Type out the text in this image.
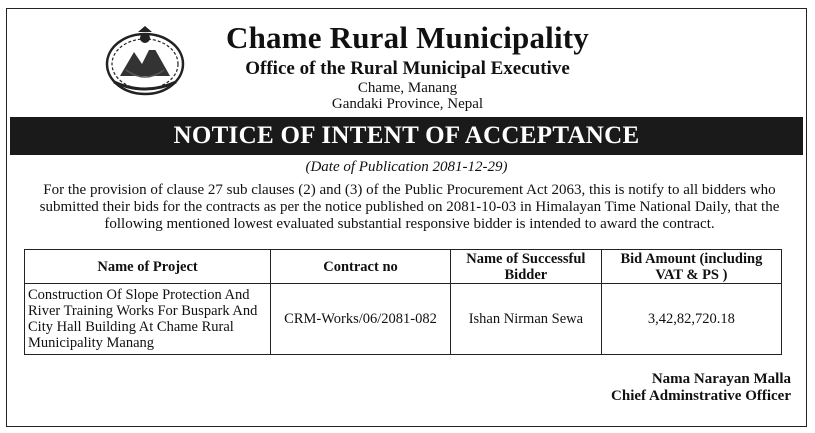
Chame Rural Municipality
Office of the Rural Municipal Executive
Chame, Manang
Gandaki Province, Nepal
NOTICE OF INTENT OF ACCEPTANCE
(Date of Publication 2081-12-29)
For the provision of clause 27 sub clauses (2) and (3) of the Public Procurement Act 2063, this is notify to all bidders who submitted their bids for the contracts as per the notice published on 2081-10-03 in Himalayan Time National Daily, that the following mentioned lowest evaluated substantial responsive bidder is intended to award the contract.
Name of Project	Contract no	Name of Successful Bidder	Bid Amount (including VAT & PS )
Construction Of Slope Protection And River Training Works For Buspark And City Hall Building At Chame Rural Municipality Manang	CRM-Works/06/2081-082	Ishan Nirman Sewa	3,42,82,720.18
Nama Narayan Malla
Chief Adminstrative Officer
